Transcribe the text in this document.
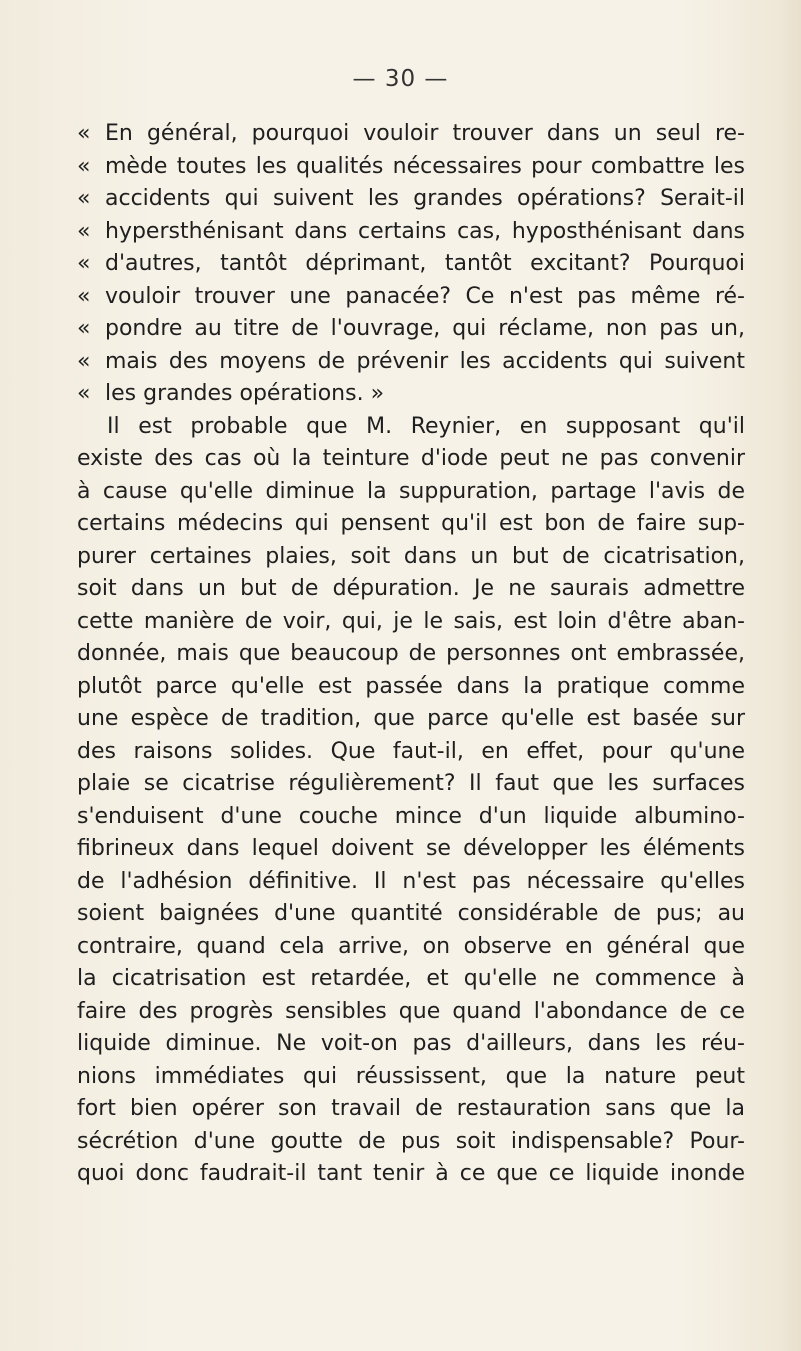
— 30 —
« En général, pourquoi vouloir trouver dans un seul re-
« mède toutes les qualités nécessaires pour combattre les
« accidents qui suivent les grandes opérations? Serait-il
« hypersthénisant dans certains cas, hyposthénisant dans
« d'autres, tantôt déprimant, tantôt excitant? Pourquoi
« vouloir trouver une panacée? Ce n'est pas même ré-
« pondre au titre de l'ouvrage, qui réclame, non pas un,
« mais des moyens de prévenir les accidents qui suivent
« les grandes opérations. »
Il est probable que M. Reynier, en supposant qu'il
existe des cas où la teinture d'iode peut ne pas convenir
à cause qu'elle diminue la suppuration, partage l'avis de
certains médecins qui pensent qu'il est bon de faire sup-
purer certaines plaies, soit dans un but de cicatrisation,
soit dans un but de dépuration. Je ne saurais admettre
cette manière de voir, qui, je le sais, est loin d'être aban-
donnée, mais que beaucoup de personnes ont embrassée,
plutôt parce qu'elle est passée dans la pratique comme
une espèce de tradition, que parce qu'elle est basée sur
des raisons solides. Que faut-il, en effet, pour qu'une
plaie se cicatrise régulièrement? Il faut que les surfaces
s'enduisent d'une couche mince d'un liquide albumino-
fibrineux dans lequel doivent se développer les éléments
de l'adhésion définitive. Il n'est pas nécessaire qu'elles
soient baignées d'une quantité considérable de pus; au
contraire, quand cela arrive, on observe en général que
la cicatrisation est retardée, et qu'elle ne commence à
faire des progrès sensibles que quand l'abondance de ce
liquide diminue. Ne voit-on pas d'ailleurs, dans les réu-
nions immédiates qui réussissent, que la nature peut
fort bien opérer son travail de restauration sans que la
sécrétion d'une goutte de pus soit indispensable? Pour-
quoi donc faudrait-il tant tenir à ce que ce liquide inonde
